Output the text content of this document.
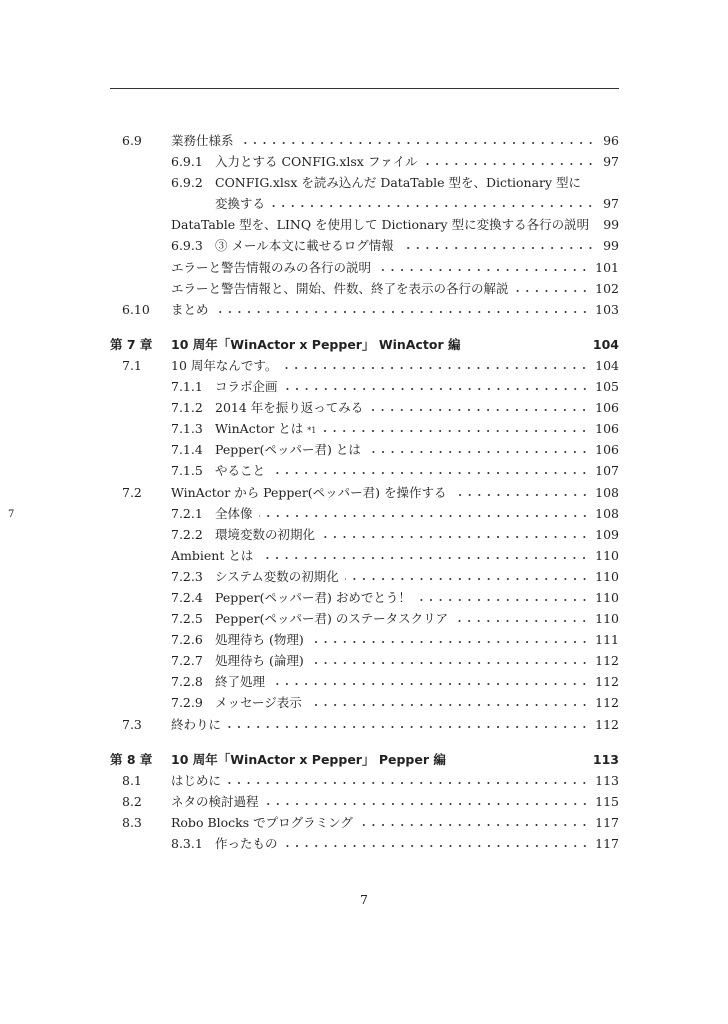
7
6.9	業務仕様系	96
6.9.1 入力とする CONFIG.xlsx ファイル	97
6.9.2 CONFIG.xlsx を読み込んだ DataTable 型を、Dictionary 型に
変換する	97
DataTable 型を、LINQ を使用して Dictionary 型に変換する各行の説明 99
6.9.3 ③ メール本文に載せるログ情報	99
エラーと警告情報のみの各行の説明	101
エラーと警告情報と、開始、件数、終了を表示の各行の解説	102
6.10	まとめ	103
第 7 章	10 周年「WinActor x Pepper」 WinActor 編	104
7.1	10 周年なんです。	104
7.1.1 コラボ企画	105
7.1.2 2014 年を振り返ってみる	106
7.1.3 WinActor とは *1	106
7.1.4 Pepper(ペッパー君) とは	106
7.1.5 やること	107
7.2	WinActor から Pepper(ペッパー君) を操作する	108
7.2.1 全体像	108
7.2.2 環境変数の初期化	109
Ambient とは	110
7.2.3 システム変数の初期化	110
7.2.4 Pepper(ペッパー君) おめでとう！	110
7.2.5 Pepper(ペッパー君) のステータスクリア	110
7.2.6 処理待ち (物理)	111
7.2.7 処理待ち (論理)	112
7.2.8 終了処理	112
7.2.9 メッセージ表示	112
7.3	終わりに	112
第 8 章	10 周年「WinActor x Pepper」 Pepper 編	113
8.1	はじめに	113
8.2	ネタの検討過程	115
8.3	Robo Blocks でプログラミング	117
8.3.1 作ったもの	117
7
